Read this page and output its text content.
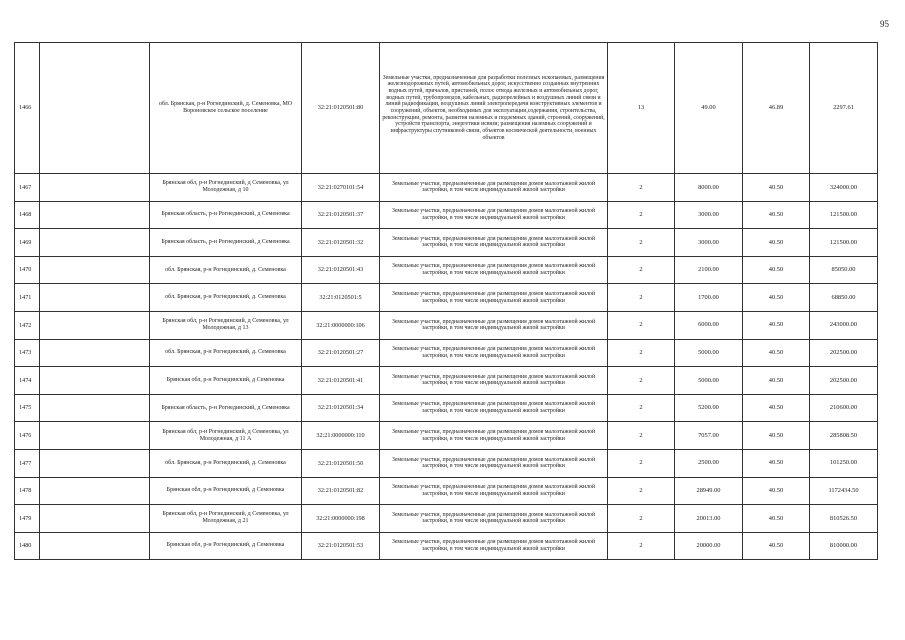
95
1466		обл. Брянская, р-н Рогнединский, д. Семеновка, МО Вороновское сельское поселение	32:21:0120501:80	Земельные участки, предназначенные для разработки полезных ископаемых, размещения железнодорожных путей, автомобильных дорог, искусственно созданных внутренних водных путей, причалов, пристаней, полос отвода железных и автомобильных дорог, водных путей, трубопроводов, кабельных, радиорелейных и воздушных линий связи и линий радиофикации, воздушных линий электропередачи конструктивных элементов и сооружений, объектов, необходимых для эксплуатации,содержания, строительства, реконструкции, ремонта, развития наземных и подземных зданий, строений, сооружений, устройств транспорта, энергетики исвязи; размещения наземных сооружений и инфраструктуры спутниковой связи, объектов космической деятельности, военных объектов	13	49.00	46.89	2297.61
1467		Брянская обл, р-н Рогнединский, д Семеновка, ул Молодежная, д 10	32:21:0270101:54	Земельные участки, предназначенные для размещения домов малоэтажной жилой застройки, в том числе индивидуальной жилой застройки	2	8000.00	40.50	324000.00
1468		Брянская область, р-н Рогнединский, д Семеновка	32:21:0120501:37	Земельные участки, предназначенные для размещения домов малоэтажной жилой застройки, в том числе индивидуальной жилой застройки	2	3000.00	40.50	121500.00
1469		Брянская область, р-н Рогнединский, д Семеновка	32:21:0120501:32	Земельные участки, предназначенные для размещения домов малоэтажной жилой застройки, в том числе индивидуальной жилой застройки	2	3000.00	40.50	121500.00
1470		обл. Брянская, р-н Рогнединский, д. Семеновка	32:21:0120501:43	Земельные участки, предназначенные для размещения домов малоэтажной жилой застройки, в том числе индивидуальной жилой застройки	2	2100.00	40.50	85050.00
1471		обл. Брянская, р-н Рогнединский, д. Семеновка	32:21:0120501:5	Земельные участки, предназначенные для размещения домов малоэтажной жилой застройки, в том числе индивидуальной жилой застройки	2	1700.00	40.50	68850.00
1472		Брянская обл, р-н Рогнединский, д Семеновка, ул Молодежная, д 13	32:21:0000000:106	Земельные участки, предназначенные для размещения домов малоэтажной жилой застройки, в том числе индивидуальной жилой застройки	2	6000.00	40.50	243000.00
1473		обл. Брянская, р-н Рогнединский, д. Семеновка	32:21:0120501:27	Земельные участки, предназначенные для размещения домов малоэтажной жилой застройки, в том числе индивидуальной жилой застройки	2	5000.00	40.50	202500.00
1474		Брянская обл, р-н Рогнединский, д Семеновка	32:21:0120501:41	Земельные участки, предназначенные для размещения домов малоэтажной жилой застройки, в том числе индивидуальной жилой застройки	2	5000.00	40.50	202500.00
1475		Брянская область, р-н Рогнединский, д Семеновка	32:21:0120501:34	Земельные участки, предназначенные для размещения домов малоэтажной жилой застройки, в том числе индивидуальной жилой застройки	2	5200.00	40.50	210600.00
1476		Брянская обл, р-н Рогнединский, д Семеновка, ул Молодежная, д 11 А	32:21:0000000:110	Земельные участки, предназначенные для размещения домов малоэтажной жилой застройки, в том числе индивидуальной жилой застройки	2	7057.00	40.50	285808.50
1477		обл. Брянская, р-н Рогнединский, д. Семеновка	32:21:0120501:50	Земельные участки, предназначенные для размещения домов малоэтажной жилой застройки, в том числе индивидуальной жилой застройки	2	2500.00	40.50	101250.00
1478		Брянская обл, р-н Рогнединский, д Семеновка	32:21:0120501:82	Земельные участки, предназначенные для размещения домов малоэтажной жилой застройки, в том числе индивидуальной жилой застройки	2	28949.00	40.50	1172434.50
1479		Брянская обл, р-н Рогнединский, д Семеновка, ул Молодежная, д 21	32:21:0000000:198	Земельные участки, предназначенные для размещения домов малоэтажной жилой застройки, в том числе индивидуальной жилой застройки	2	20013.00	40.50	810526.50
1480		Брянская обл, р-н Рогнединский, д Семеновка	32:21:0120501:53	Земельные участки, предназначенные для размещения домов малоэтажной жилой застройки, в том числе индивидуальной жилой застройки	2	20000.00	40.50	810000.00
